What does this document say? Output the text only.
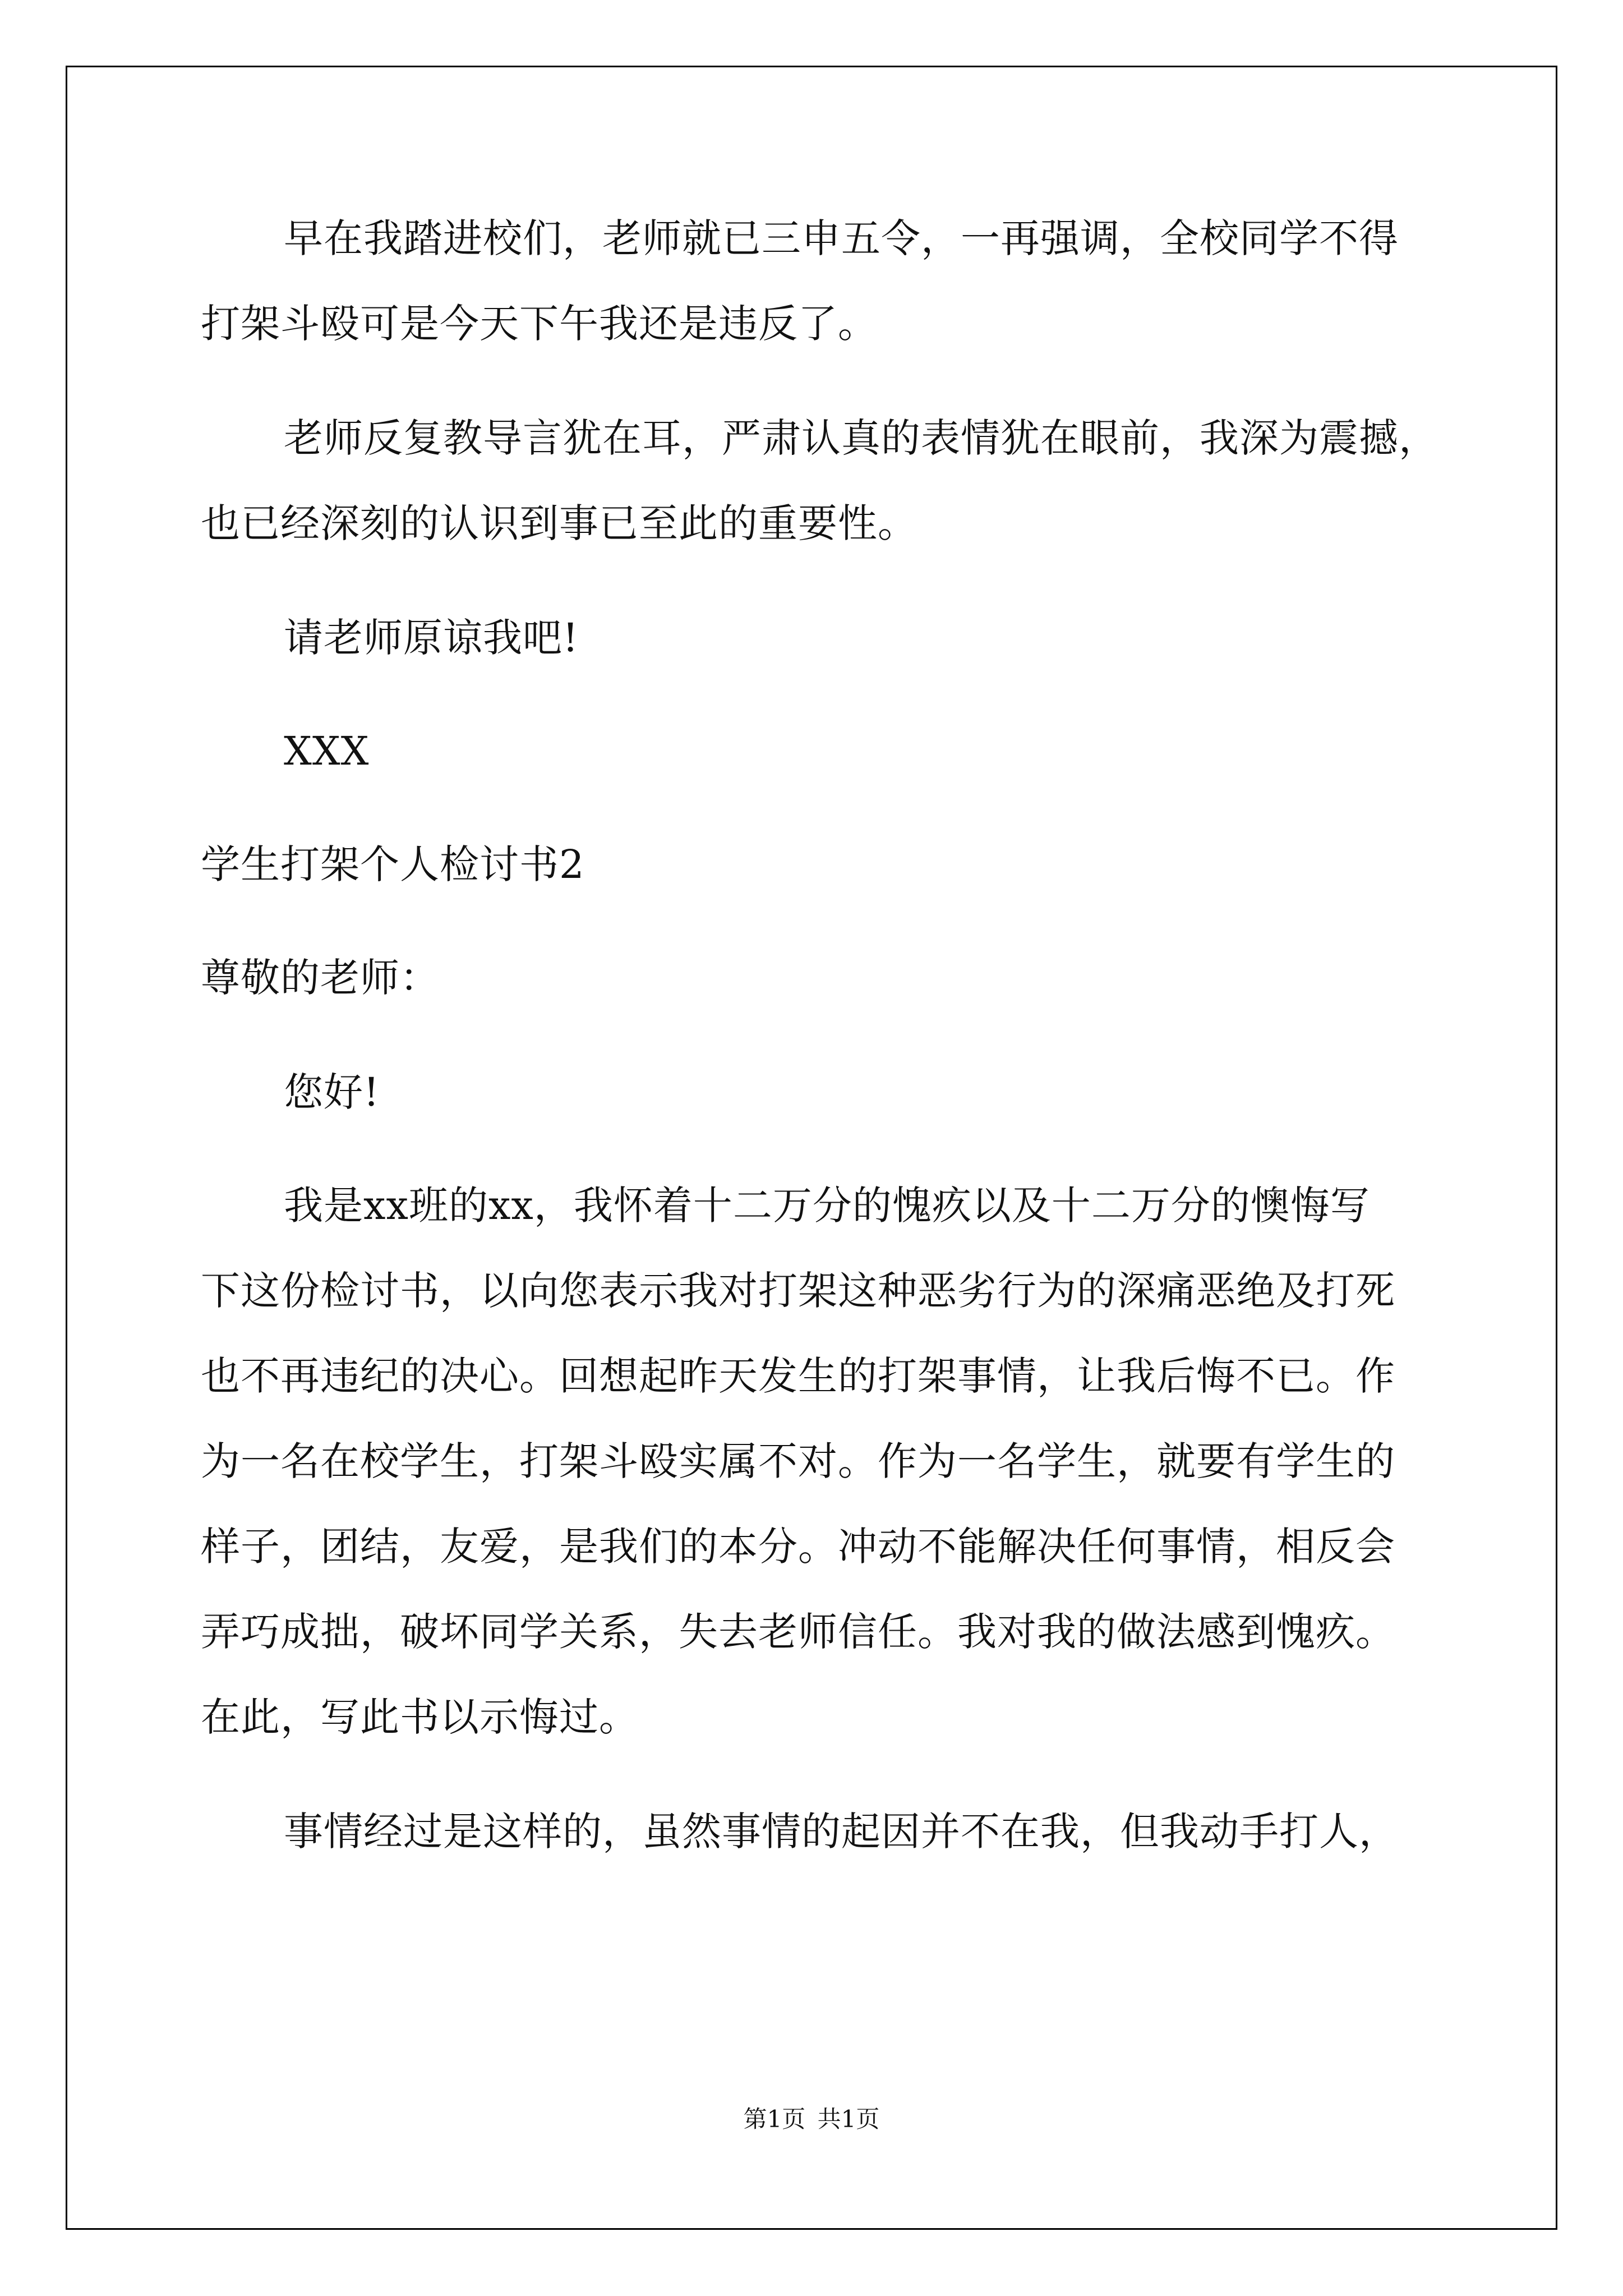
早在我踏进校们，老师就已三申五令，一再强调，全校同学不得
打架斗殴可是今天下午我还是违反了。
老师反复教导言犹在耳，严肃认真的表情犹在眼前，我深为震撼，
也已经深刻的认识到事已至此的重要性。
请老师原谅我吧!
XXX
学生打架个人检讨书2
尊敬的老师：
您好!
我是xx班的xx，我怀着十二万分的愧疚以及十二万分的懊悔写
下这份检讨书，以向您表示我对打架这种恶劣行为的深痛恶绝及打死
也不再违纪的决心。回想起昨天发生的打架事情，让我后悔不已。作
为一名在校学生，打架斗殴实属不对。作为一名学生，就要有学生的
样子，团结，友爱，是我们的本分。冲动不能解决任何事情，相反会
弄巧成拙，破坏同学关系，失去老师信任。我对我的做法感到愧疚。
在此，写此书以示悔过。
事情经过是这样的，虽然事情的起因并不在我，但我动手打人，
第1页 共1页
